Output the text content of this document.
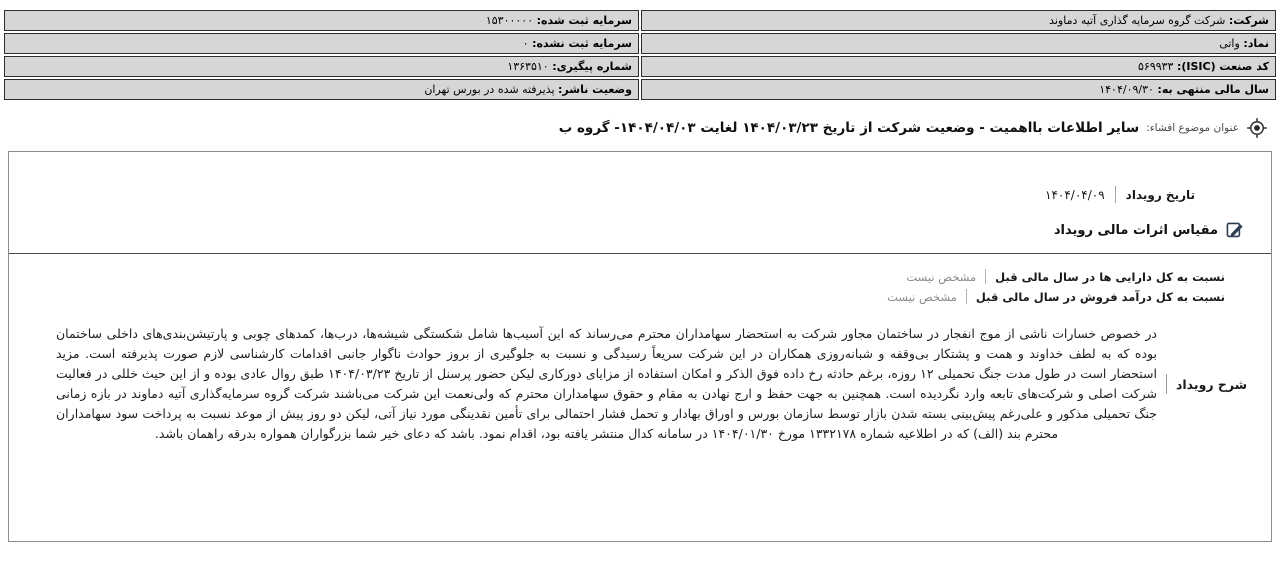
شرکت: شرکت گروه سرمایه گذاری آتیه دماوند	سرمایه ثبت شده: ۱۵۳۰۰۰۰۰
نماد: واتی	سرمایه ثبت نشده: ۰
کد صنعت (ISIC): ۵۶۹۹۳۳	شماره پیگیری: ۱۳۶۳۵۱۰
سال مالی منتهی به: ۱۴۰۴/۰۹/۳۰	وضعیت ناشر: پذیرفته شده در بورس تهران
عنوان موضوع افشاء:
سایر اطلاعات بااهمیت - وضعیت شرکت از تاریخ ۱۴۰۴/۰۳/۲۳ لغایت ۱۴۰۴/۰۴/۰۳- گروه ب
تاریخ رویداد
۱۴۰۴/۰۴/۰۹
مقیاس اثرات مالی رویداد
نسبت به کل دارایی ها در سال مالی قبل
مشخص نیست
نسبت به کل درآمد فروش در سال مالی قبل
مشخص نیست
شرح رویداد
در خصوص خسارات ناشی از موج انفجار در ساختمان مجاور شرکت به استحضار سهامداران محترم می‌رساند که این آسیب‌ها شامل شکستگی شیشه‌ها، درب‌ها، کمدهای چوبی و پارتیشن‌بندی‌های داخلی ساختمان بوده که به لطف خداوند و همت و پشتکار بی‌وقفه و شبانه‌روزی همکاران در این شرکت سریعاً رسیدگی و نسبت به جلوگیری از بروز حوادث ناگوار جانبی اقدامات کارشناسی لازم صورت پذیرفته است. مزید استحضار است در طول مدت جنگ تحمیلی ۱۲ روزه، برغم حادثه رخ داده فوق الذکر و امکان استفاده از مزایای دورکاری لیکن حضور پرسنل از تاریخ ۱۴۰۴/۰۳/۲۳ طبق روال عادی بوده و از این حیث خللی در فعالیت شرکت اصلی و شرکت‌های تابعه وارد نگردیده است. همچنین به جهت حفظ و ارج نهادن به مقام و حقوق سهامداران محترم که ولی‌نعمت این شرکت می‌باشند شرکت گروه سرمایه‌گذاری آتیه دماوند در بازه زمانی جنگ تحمیلی مذکور و علی‌رغم پیش‌بینی بسته شدن بازار توسط سازمان بورس و اوراق بهادار و تحمل فشار احتمالی برای تأمین نقدینگی مورد نیاز آتی، لیکن دو روز پیش از موعد نسبت به پرداخت سود سهامداران محترم بند (الف) که در اطلاعیه شماره ۱۳۳۲۱۷۸ مورخ ۱۴۰۴/۰۱/۳۰ در سامانه کدال منتشر یافته بود، اقدام نمود. باشد که دعای خیر شما بزرگواران همواره بدرقه راهمان باشد.
